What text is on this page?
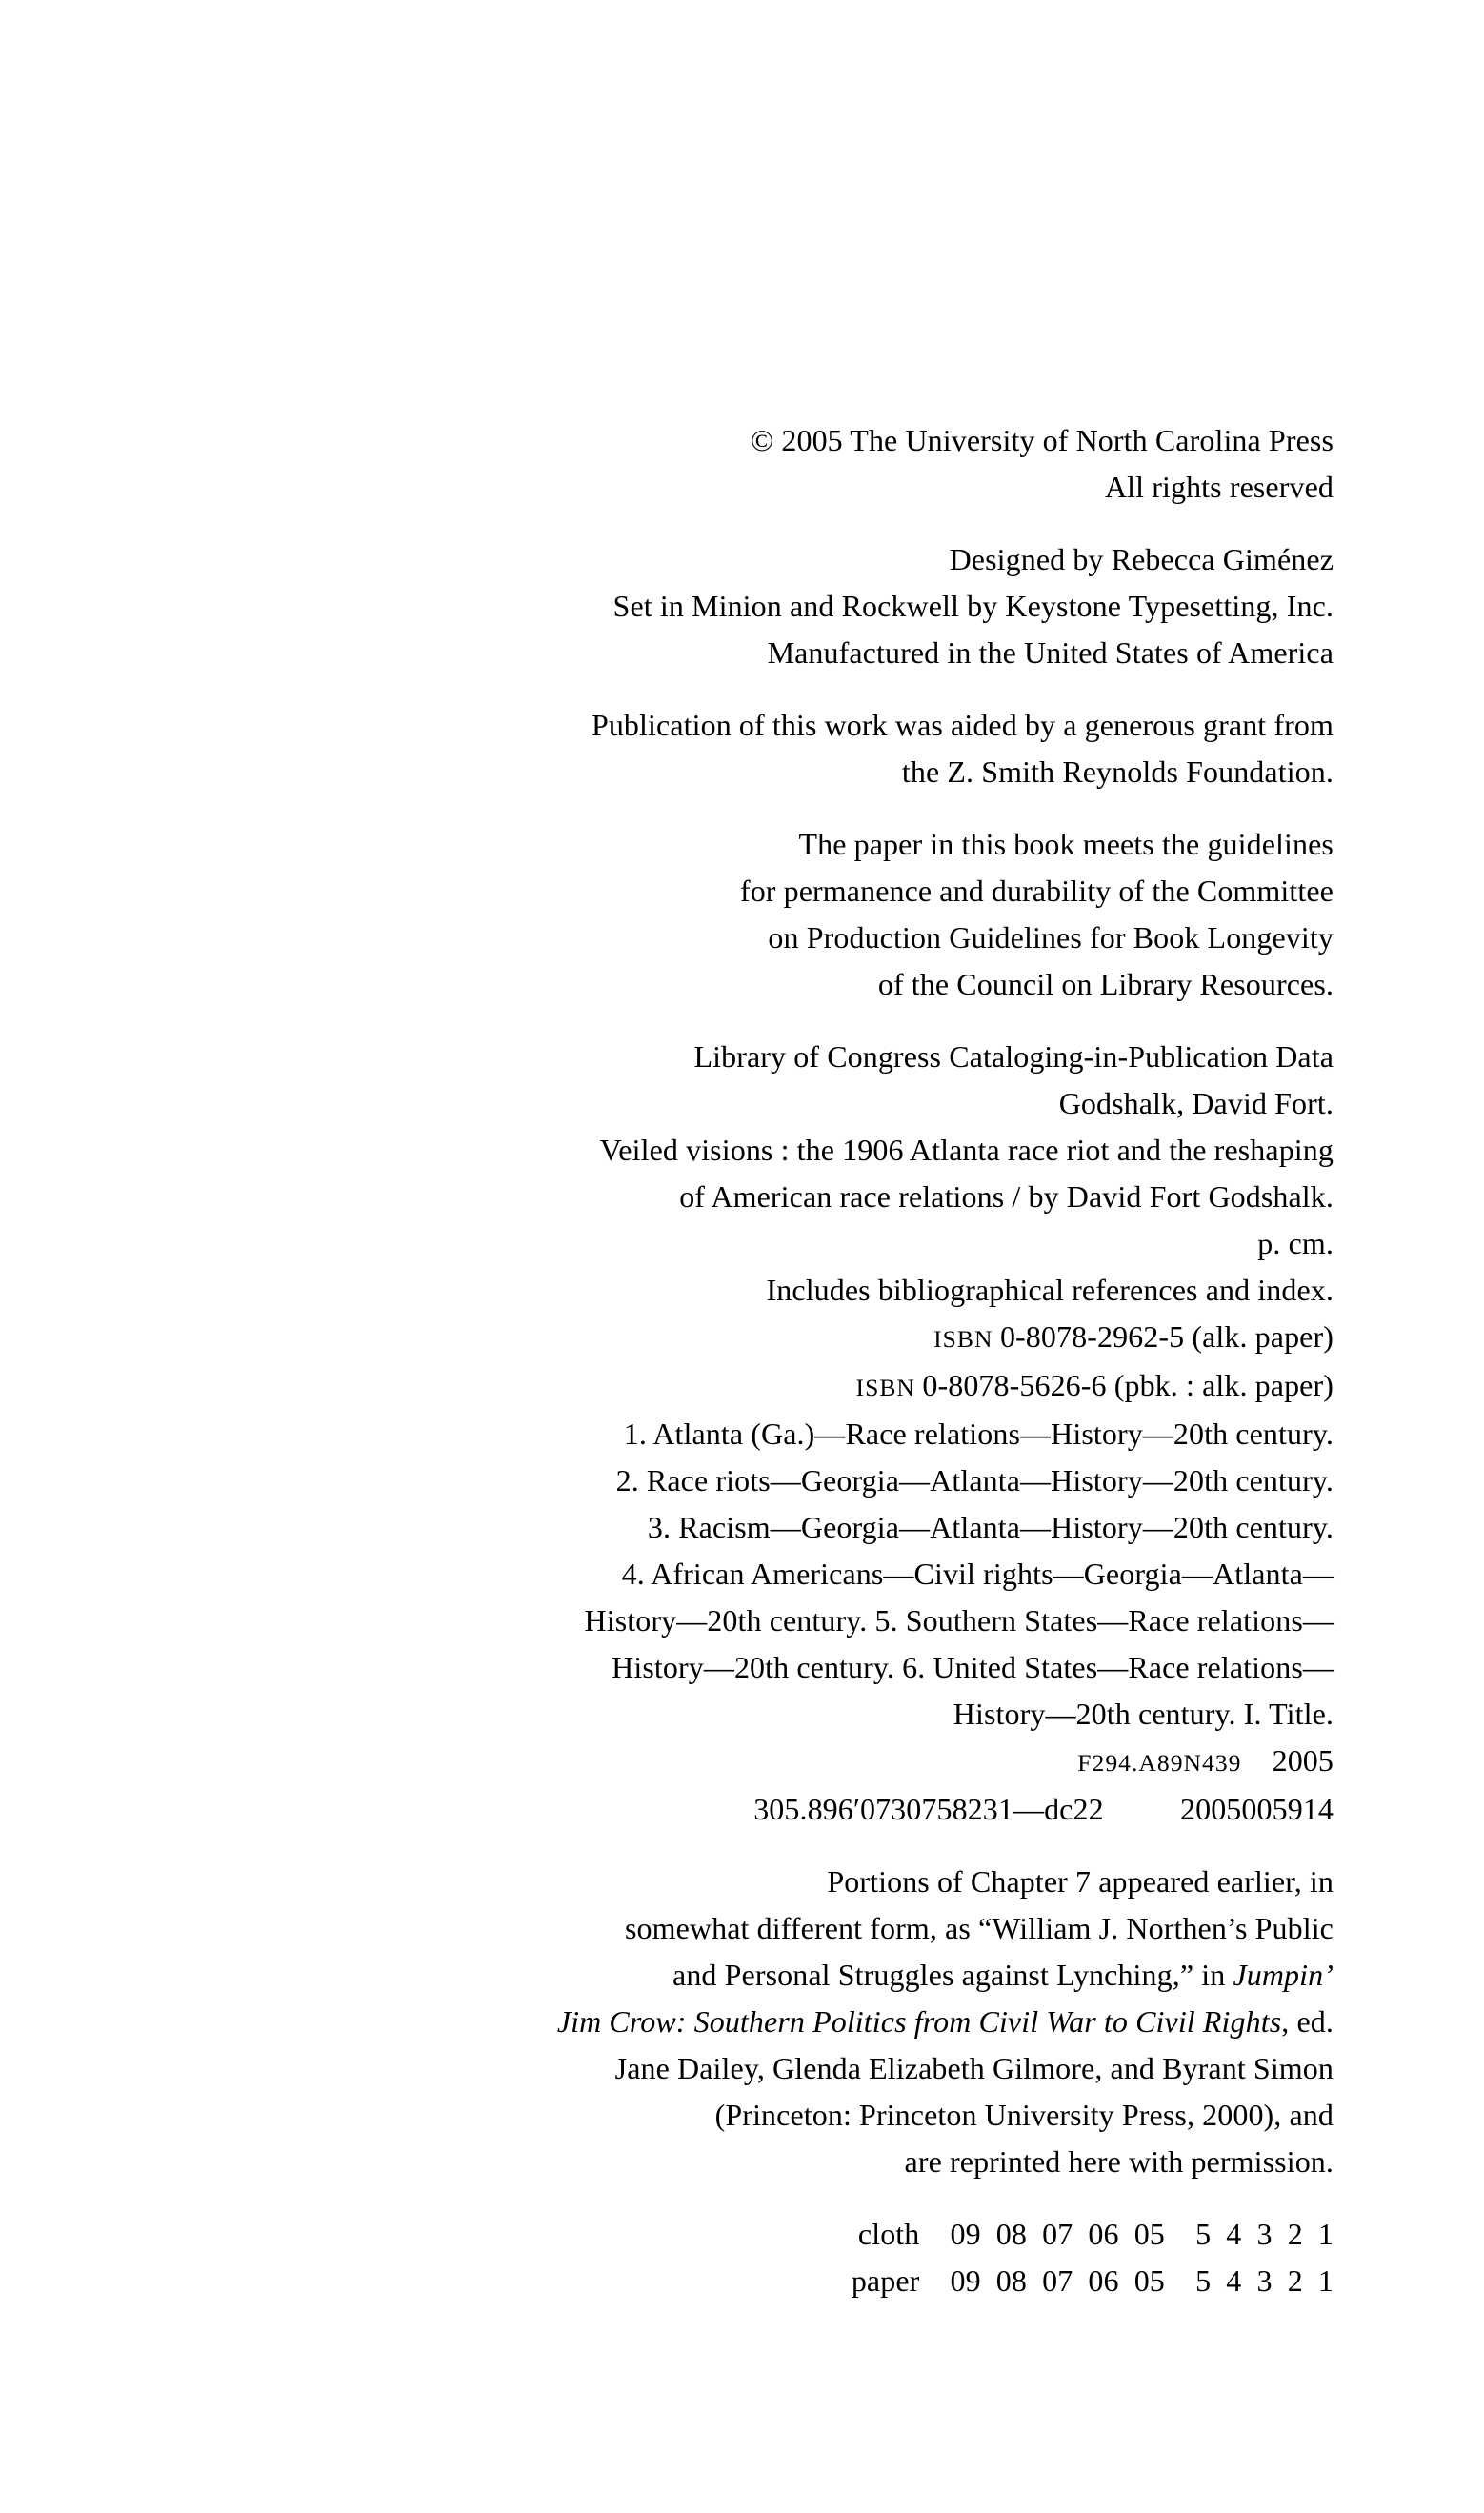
© 2005 The University of North Carolina Press
All rights reserved
Designed by Rebecca Giménez
Set in Minion and Rockwell by Keystone Typesetting, Inc.
Manufactured in the United States of America
Publication of this work was aided by a generous grant from
the Z. Smith Reynolds Foundation.
The paper in this book meets the guidelines
for permanence and durability of the Committee
on Production Guidelines for Book Longevity
of the Council on Library Resources.
Library of Congress Cataloging-in-Publication Data
Godshalk, David Fort.
Veiled visions : the 1906 Atlanta race riot and the reshaping
of American race relations / by David Fort Godshalk.
p. cm.
Includes bibliographical references and index.
ISBN 0-8078-2962-5 (alk. paper)
ISBN 0-8078-5626-6 (pbk. : alk. paper)
1. Atlanta (Ga.)—Race relations—History—20th century.
2. Race riots—Georgia—Atlanta—History—20th century.
3. Racism—Georgia—Atlanta—History—20th century.
4. African Americans—Civil rights—Georgia—Atlanta—
History—20th century. 5. Southern States—Race relations—
History—20th century. 6. United States—Race relations—
History—20th century. I. Title.
F294.A89N439 2005
305.896′0730758231—dc22   2005005914
Portions of Chapter 7 appeared earlier, in
somewhat different form, as “William J. Northen’s Public
and Personal Struggles against Lynching,” in Jumpin’
Jim Crow: Southern Politics from Civil War to Civil Rights, ed.
Jane Dailey, Glenda Elizabeth Gilmore, and Byrant Simon
(Princeton: Princeton University Press, 2000), and
are reprinted here with permission.
cloth 09 08 07 06 05  5 4 3 2 1
paper 09 08 07 06 05  5 4 3 2 1
